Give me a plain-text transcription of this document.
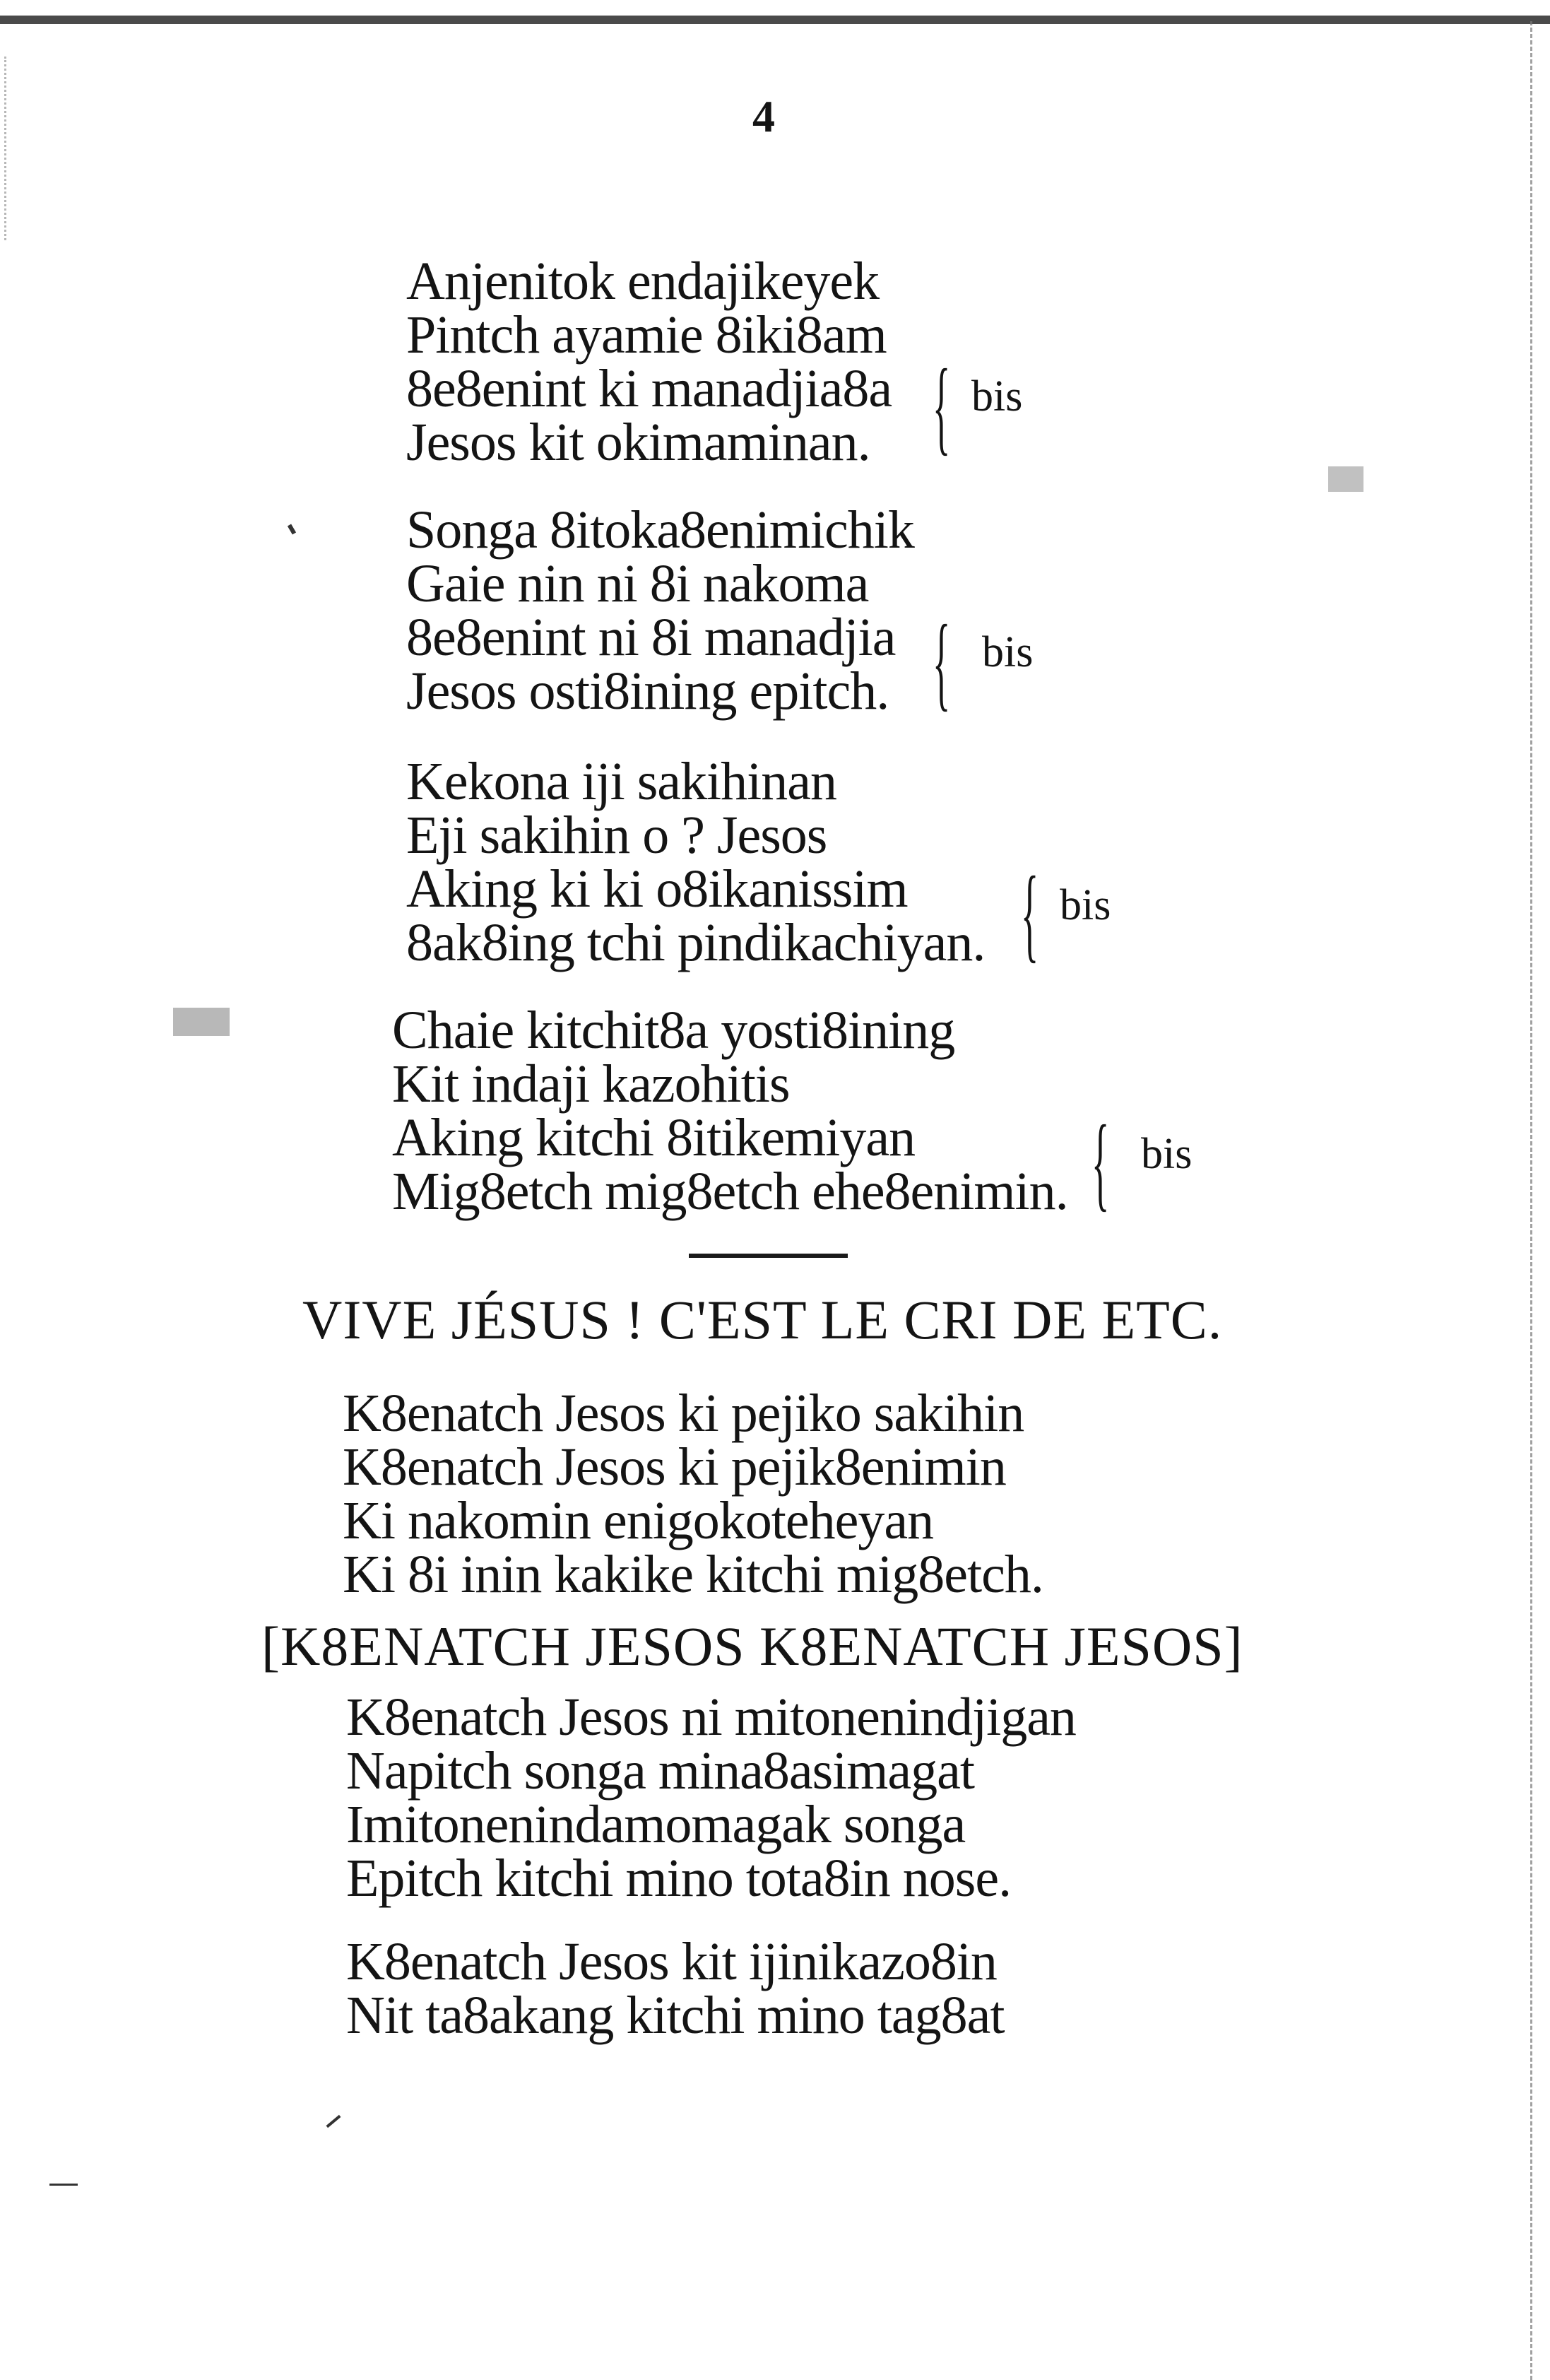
4
Anjenitok endajikeyek
Pintch ayamie 8iki8am
8e8enint ki manadjia8a
Jesos kit okimaminan. { bis
Songa 8itoka8enimichik
Gaie nin ni 8i nakoma
8e8enint ni 8i manadjia
Jesos osti8ining epitch. { bis
Kekona iji sakihinan
Eji sakihin o ? Jesos
Aking ki ki o8ikanissim
8ak8ing tchi pindikachiyan. { bis
Chaie kitchit8a yosti8ining
Kit indaji kazohitis
Aking kitchi 8itikemiyan
Mig8etch mig8etch ehe8enimin. { bis
VIVE JÉSUS ! C'EST LE CRI DE ETC.
K8enatch Jesos ki pejiko sakihin
K8enatch Jesos ki pejik8enimin
Ki nakomin enigokoteheyan
Ki 8i inin kakike kitchi mig8etch.
[K8ENATCH JESOS K8ENATCH JESOS]
K8enatch Jesos ni mitonenindjigan
Napitch songa mina8asimagat
Imitonenindamomagak songa
Epitch kitchi mino tota8in nose.
K8enatch Jesos kit ijinikazo8in
Nit ta8akang kitchi mino tag8at
